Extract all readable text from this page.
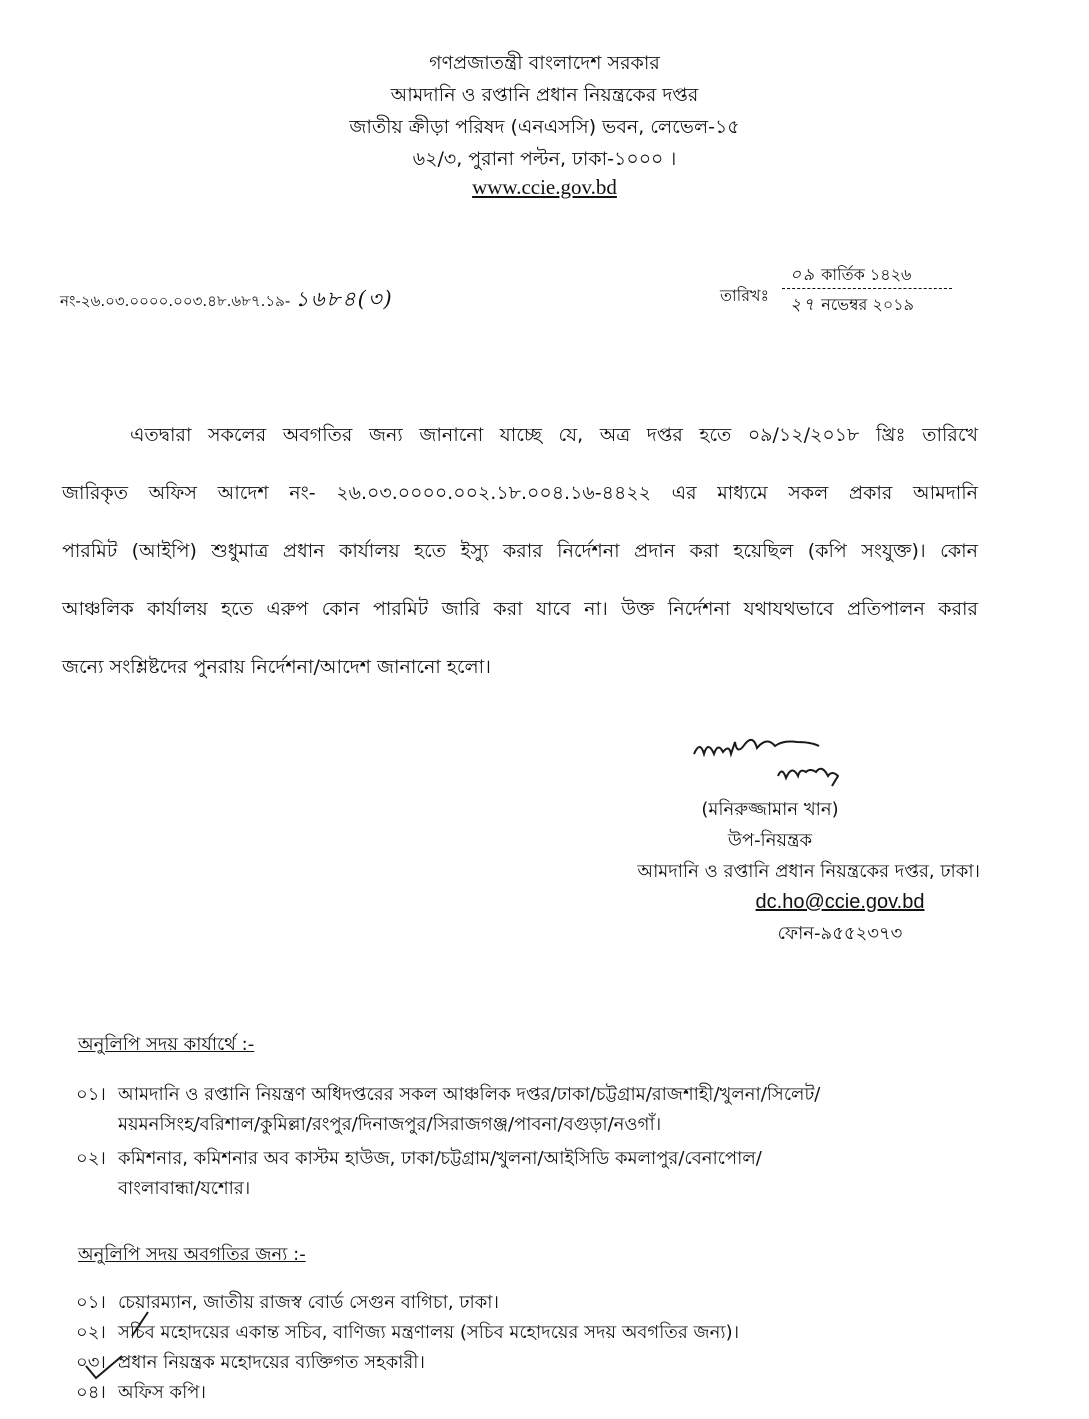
গণপ্রজাতন্ত্রী বাংলাদেশ সরকার
আমদানি ও রপ্তানি প্রধান নিয়ন্ত্রকের দপ্তর
জাতীয় ক্রীড়া পরিষদ (এনএসসি) ভবন, লেভেল-১৫
৬২/৩, পুরানা পল্টন, ঢাকা-১০০০ ।
www.ccie.gov.bd
নং-২৬.০৩.০০০০.০০৩.৪৮.৬৮৭.১৯- ১৬৮৪(৩)	তারিখঃ
০৯ কার্তিক ১৪২৬
২৭ নভেম্বর ২০১৯
এতদ্বারা সকলের অবগতির জন্য জানানো যাচ্ছে যে, অত্র দপ্তর হতে ০৯/১২/২০১৮ খ্রিঃ তারিখে
জারিকৃত অফিস আদেশ নং- ২৬.০৩.০০০০.০০২.১৮.০০৪.১৬-৪৪২২ এর মাধ্যমে সকল প্রকার আমদানি
পারমিট (আইপি) শুধুমাত্র প্রধান কার্যালয় হতে ইস্যু করার নির্দেশনা প্রদান করা হয়েছিল (কপি সংযুক্ত)। কোন
আঞ্চলিক কার্যালয় হতে এরুপ কোন পারমিট জারি করা যাবে না। উক্ত নির্দেশনা যথাযথভাবে প্রতিপালন করার
জন্যে সংশ্লিষ্টদের পুনরায় নির্দেশনা/আদেশ জানানো হলো।
(মনিরুজ্জামান খান)
উপ-নিয়ন্ত্রক
আমদানি ও রপ্তানি প্রধান নিয়ন্ত্রকের দপ্তর, ঢাকা।
dc.ho@ccie.gov.bd
ফোন-৯৫৫২৩৭৩
অনুলিপি সদয় কার্যার্থে :-
০১। আমদানি ও রপ্তানি নিয়ন্ত্রণ অধিদপ্তরের সকল আঞ্চলিক দপ্তর/ঢাকা/চট্টগ্রাম/রাজশাহী/খুলনা/সিলেট/
ময়মনসিংহ/বরিশাল/কুমিল্লা/রংপুর/দিনাজপুর/সিরাজগঞ্জ/পাবনা/বগুড়া/নওগাঁ।
০২। কমিশনার, কমিশনার অব কাস্টম হাউজ, ঢাকা/চট্টগ্রাম/খুলনা/আইসিডি কমলাপুর/বেনাপোল/
বাংলাবান্ধা/যশোর।
অনুলিপি সদয় অবগতির জন্য :-
০১। চেয়ারম্যান, জাতীয় রাজস্ব বোর্ড সেগুন বাগিচা, ঢাকা।
০২। সচিব মহোদয়ের একান্ত সচিব, বাণিজ্য মন্ত্রণালয় (সচিব মহোদয়ের সদয় অবগতির জন্য)।
০৩। প্রধান নিয়ন্ত্রক মহোদয়ের ব্যক্তিগত সহকারী।
০৪। অফিস কপি।
